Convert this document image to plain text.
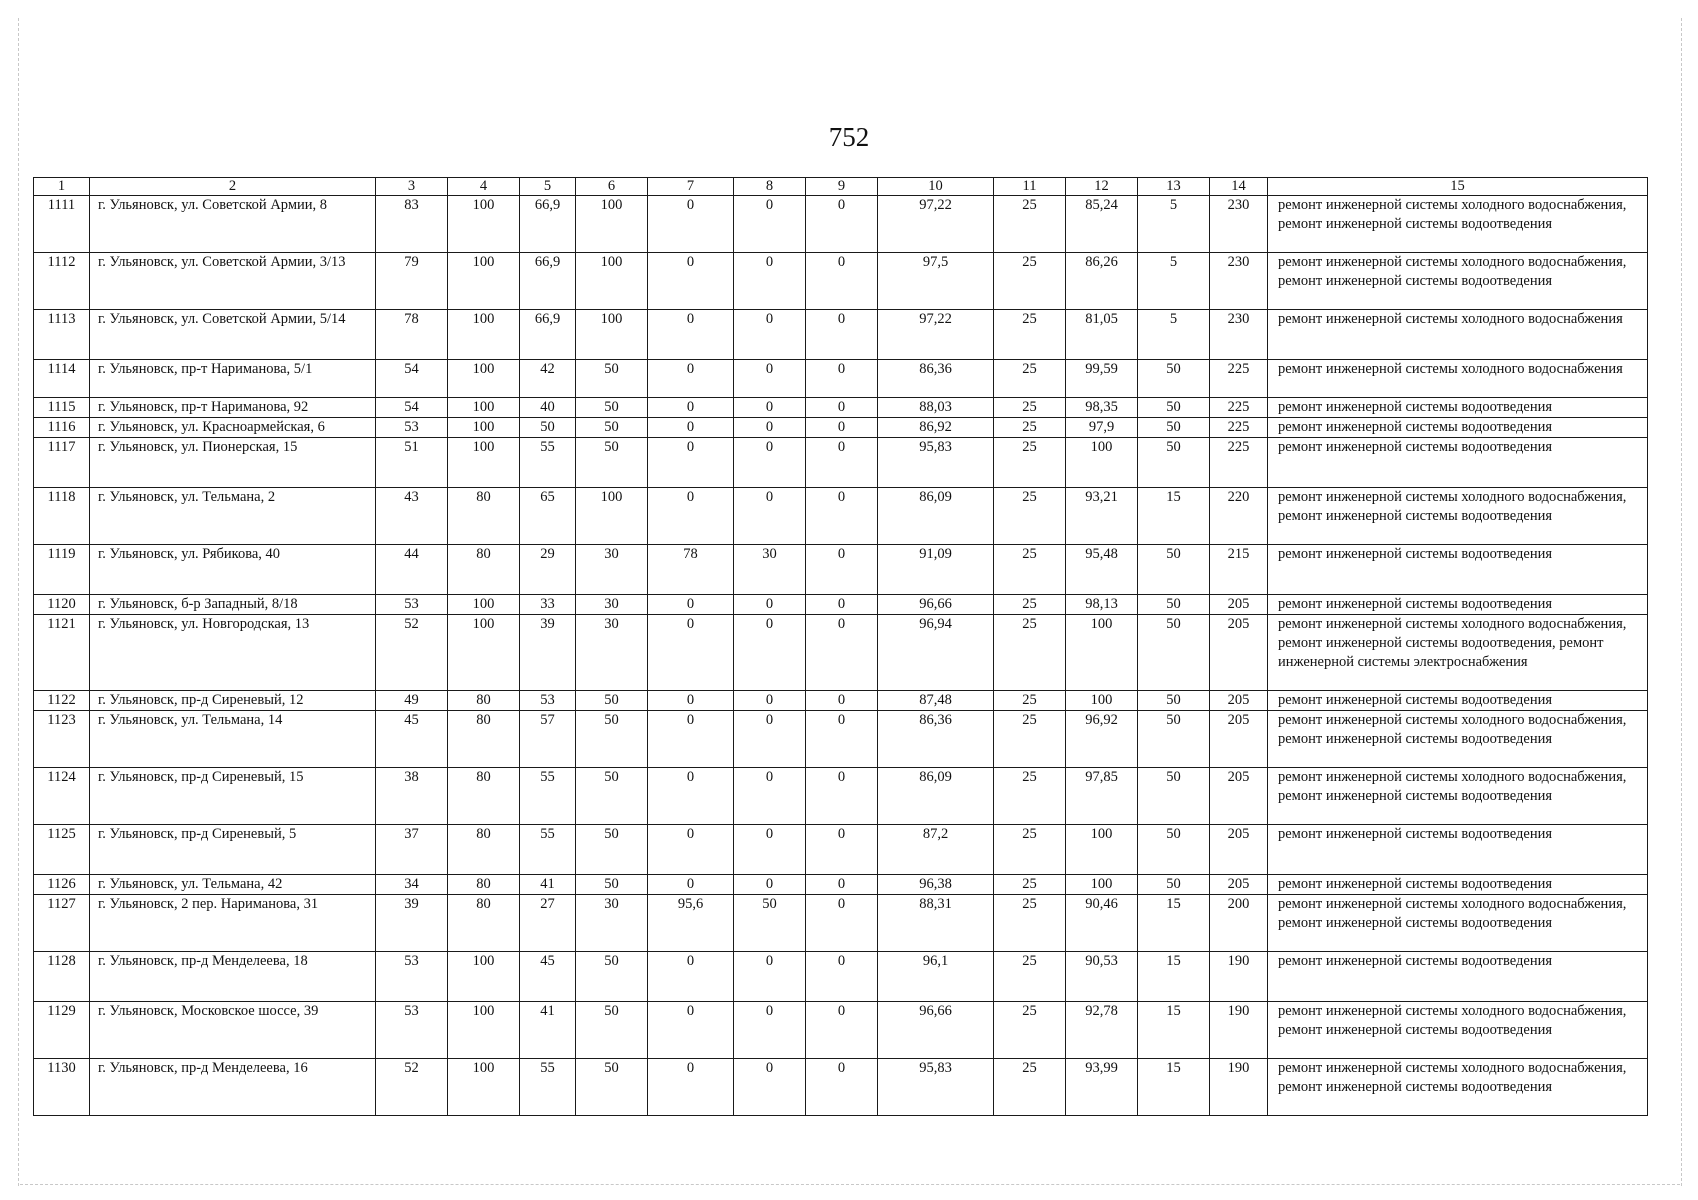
752
1	2	3	4	5	6	7	8	9	10	11	12	13	14	15
1111	г. Ульяновск, ул. Советской Армии, 8	83	100	66,9	100	0	0	0	97,22	25	85,24	5	230	ремонт инженерной системы холодного водоснабжения, ремонт инженерной системы водоотведения
1112	г. Ульяновск, ул. Советской Армии, 3/13	79	100	66,9	100	0	0	0	97,5	25	86,26	5	230	ремонт инженерной системы холодного водоснабжения, ремонт инженерной системы водоотведения
1113	г. Ульяновск, ул. Советской Армии, 5/14	78	100	66,9	100	0	0	0	97,22	25	81,05	5	230	ремонт инженерной системы холодного водоснабжения
1114	г. Ульяновск, пр-т Нариманова, 5/1	54	100	42	50	0	0	0	86,36	25	99,59	50	225	ремонт инженерной системы холодного водоснабжения
1115	г. Ульяновск, пр-т Нариманова, 92	54	100	40	50	0	0	0	88,03	25	98,35	50	225	ремонт инженерной системы водоотведения
1116	г. Ульяновск, ул. Красноармейская, 6	53	100	50	50	0	0	0	86,92	25	97,9	50	225	ремонт инженерной системы водоотведения
1117	г. Ульяновск, ул. Пионерская, 15	51	100	55	50	0	0	0	95,83	25	100	50	225	ремонт инженерной системы водоотведения
1118	г. Ульяновск, ул. Тельмана, 2	43	80	65	100	0	0	0	86,09	25	93,21	15	220	ремонт инженерной системы холодного водоснабжения, ремонт инженерной системы водоотведения
1119	г. Ульяновск, ул. Рябикова, 40	44	80	29	30	78	30	0	91,09	25	95,48	50	215	ремонт инженерной системы водоотведения
1120	г. Ульяновск, б-р Западный, 8/18	53	100	33	30	0	0	0	96,66	25	98,13	50	205	ремонт инженерной системы водоотведения
1121	г. Ульяновск, ул. Новгородская, 13	52	100	39	30	0	0	0	96,94	25	100	50	205	ремонт инженерной системы холодного водоснабжения, ремонт инженерной системы водоотведения, ремонт инженерной системы электроснабжения
1122	г. Ульяновск, пр-д Сиреневый, 12	49	80	53	50	0	0	0	87,48	25	100	50	205	ремонт инженерной системы водоотведения
1123	г. Ульяновск, ул. Тельмана, 14	45	80	57	50	0	0	0	86,36	25	96,92	50	205	ремонт инженерной системы холодного водоснабжения, ремонт инженерной системы водоотведения
1124	г. Ульяновск, пр-д Сиреневый, 15	38	80	55	50	0	0	0	86,09	25	97,85	50	205	ремонт инженерной системы холодного водоснабжения, ремонт инженерной системы водоотведения
1125	г. Ульяновск, пр-д Сиреневый, 5	37	80	55	50	0	0	0	87,2	25	100	50	205	ремонт инженерной системы водоотведения
1126	г. Ульяновск, ул. Тельмана, 42	34	80	41	50	0	0	0	96,38	25	100	50	205	ремонт инженерной системы водоотведения
1127	г. Ульяновск, 2 пер. Нариманова, 31	39	80	27	30	95,6	50	0	88,31	25	90,46	15	200	ремонт инженерной системы холодного водоснабжения, ремонт инженерной системы водоотведения
1128	г. Ульяновск, пр-д Менделеева, 18	53	100	45	50	0	0	0	96,1	25	90,53	15	190	ремонт инженерной системы водоотведения
1129	г. Ульяновск, Московское шоссе, 39	53	100	41	50	0	0	0	96,66	25	92,78	15	190	ремонт инженерной системы холодного водоснабжения, ремонт инженерной системы водоотведения
1130	г. Ульяновск, пр-д Менделеева, 16	52	100	55	50	0	0	0	95,83	25	93,99	15	190	ремонт инженерной системы холодного водоснабжения, ремонт инженерной системы водоотведения
